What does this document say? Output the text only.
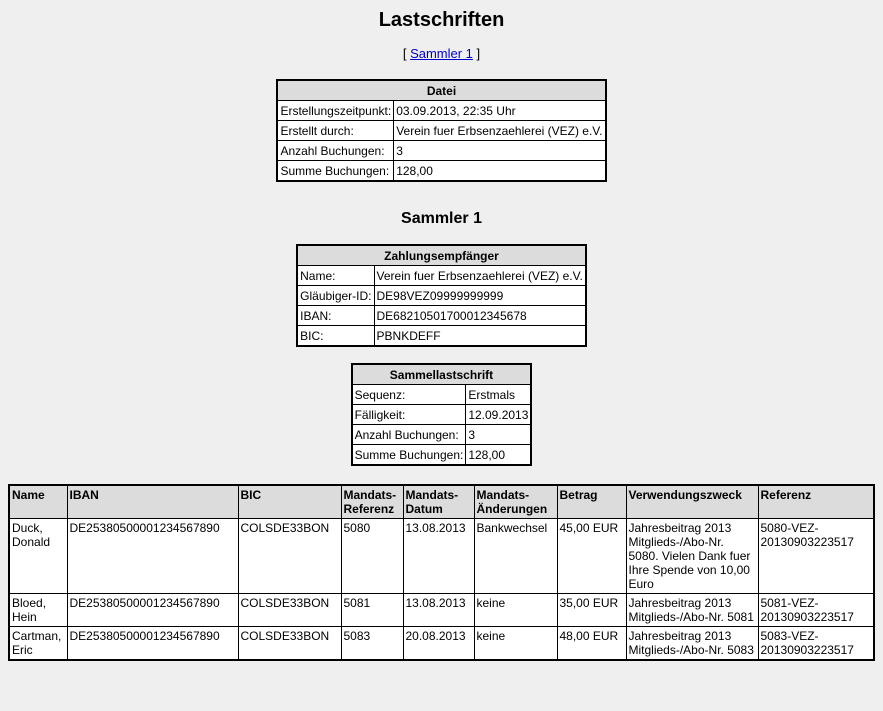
Lastschriften
[ Sammler 1 ]
Datei	
Erstellungszeitpunkt:	03.09.2013, 22:35 Uhr
Erstellt durch:	Verein fuer Erbsenzaehlerei (VEZ) e.V.
Anzahl Buchungen:	3
Summe Buchungen:	128,00
Sammler 1
Zahlungsempfänger	
Name:	Verein fuer Erbsenzaehlerei (VEZ) e.V.
Gläubiger-ID:	DE98VEZ09999999999
IBAN:	DE68210501700012345678
BIC:	PBNKDEFF
Sammellastschrift	
Sequenz:	Erstmals
Fälligkeit:	12.09.2013
Anzahl Buchungen:	3
Summe Buchungen:	128,00
Name	IBAN	BIC	Mandats-Referenz	Mandats-Datum	Mandats-Änderungen	Betrag	Verwendungszweck	Referenz
Duck, Donald	DE25380500001234567890	COLSDE33BON	5080	13.08.2013	Bankwechsel	45,00 EUR	Jahresbeitrag 2013 Mitglieds-/Abo-Nr. 5080. Vielen Dank fuer Ihre Spende von 10,00 Euro	5080-VEZ-20130903223517
Bloed, Hein	DE25380500001234567890	COLSDE33BON	5081	13.08.2013	keine	35,00 EUR	Jahresbeitrag 2013 Mitglieds-/Abo-Nr. 5081	5081-VEZ-20130903223517
Cartman, Eric	DE25380500001234567890	COLSDE33BON	5083	20.08.2013	keine	48,00 EUR	Jahresbeitrag 2013 Mitglieds-/Abo-Nr. 5083	5083-VEZ-20130903223517
